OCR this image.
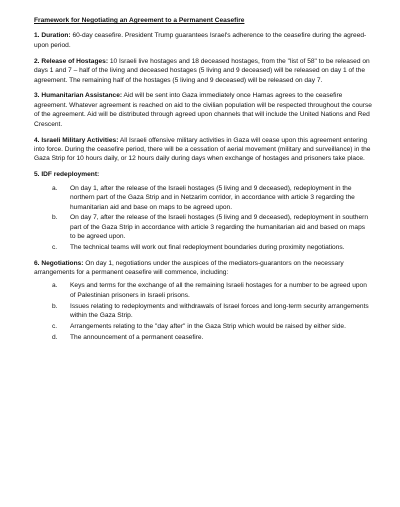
Framework for Negotiating an Agreement to a Permanent Ceasefire
1. Duration: 60-day ceasefire. President Trump guarantees Israel's adherence to the ceasefire during the agreed-upon period.
2. Release of Hostages: 10 Israeli live hostages and 18 deceased hostages, from the "list of 58" to be released on days 1 and 7 – half of the living and deceased hostages (5 living and 9 deceased) will be released on day 1 of the agreement. The remaining half of the hostages (5 living and 9 deceased) will be released on day 7.
3. Humanitarian Assistance: Aid will be sent into Gaza immediately once Hamas agrees to the ceasefire agreement. Whatever agreement is reached on aid to the civilian population will be respected throughout the course of the agreement. Aid will be distributed through agreed upon channels that will include the United Nations and Red Crescent.
4. Israeli Military Activities: All Israeli offensive military activities in Gaza will cease upon this agreement entering into force. During the ceasefire period, there will be a cessation of aerial movement (military and surveillance) in the Gaza Strip for 10 hours daily, or 12 hours daily during days when exchange of hostages and prisoners take place.
5. IDF redeployment:
a. On day 1, after the release of the Israeli hostages (5 living and 9 deceased), redeployment in the northern part of the Gaza Strip and in Netzarim corridor, in accordance with article 3 regarding the humanitarian aid and base on maps to be agreed upon.
b. On day 7, after the release of the Israeli hostages (5 living and 9 deceased), redeployment in southern part of the Gaza Strip in accordance with article 3 regarding the humanitarian aid and based on maps to be agreed upon.
c. The technical teams will work out final redeployment boundaries during proximity negotiations.
6. Negotiations: On day 1, negotiations under the auspices of the mediators-guarantors on the necessary arrangements for a permanent ceasefire will commence, including:
a. Keys and terms for the exchange of all the remaining Israeli hostages for a number to be agreed upon of Palestinian prisoners in Israeli prisons.
b. Issues relating to redeployments and withdrawals of Israel forces and long-term security arrangements within the Gaza Strip.
c. Arrangements relating to the "day after" in the Gaza Strip which would be raised by either side.
d. The announcement of a permanent ceasefire.
